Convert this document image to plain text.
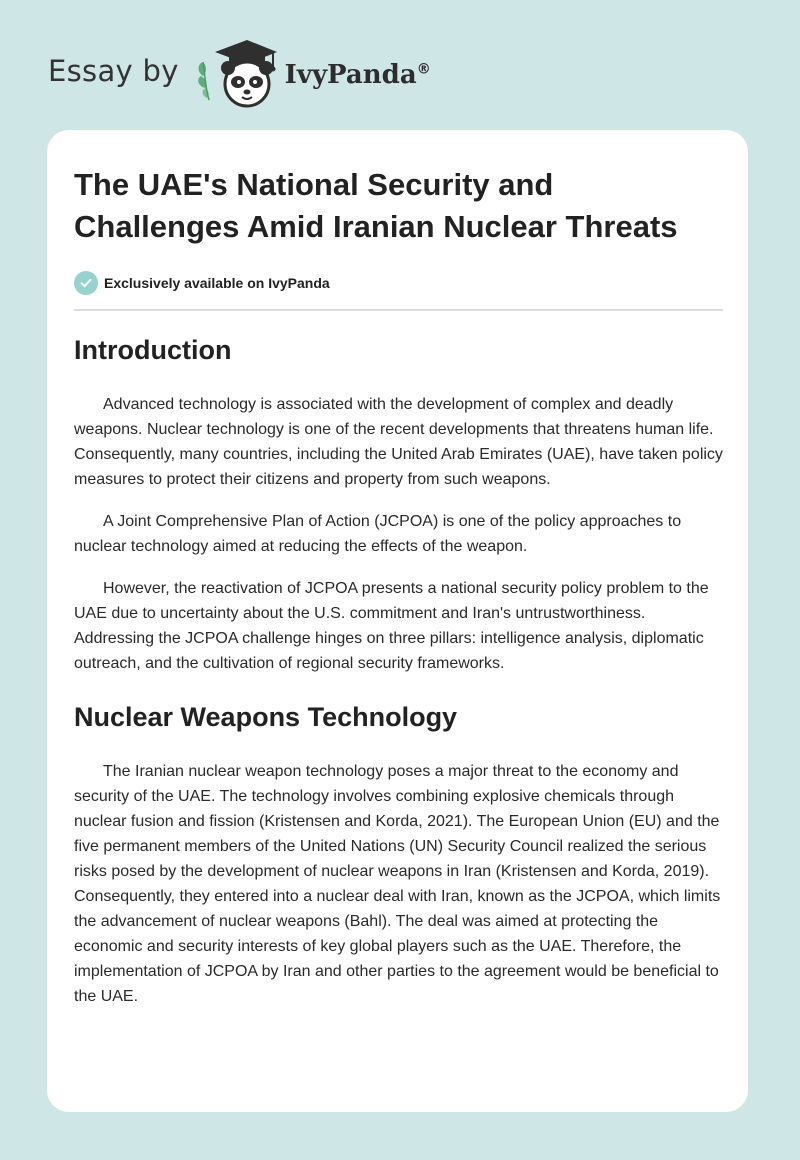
Essay by	IvyPanda®
The UAE's National Security and Challenges Amid Iranian Nuclear Threats
Exclusively available on IvyPanda
Introduction

Advanced technology is associated with the development of complex and deadly weapons. Nuclear technology is one of the recent developments that threatens human life. Consequently, many countries, including the United Arab Emirates (UAE), have taken policy measures to protect their citizens and property from such weapons.

A Joint Comprehensive Plan of Action (JCPOA) is one of the policy approaches to nuclear technology aimed at reducing the effects of the weapon.

However, the reactivation of JCPOA presents a national security policy problem to the UAE due to uncertainty about the U.S. commitment and Iran's untrustworthiness. Addressing the JCPOA challenge hinges on three pillars: intelligence analysis, diplomatic outreach, and the cultivation of regional security frameworks.

Nuclear Weapons Technology

The Iranian nuclear weapon technology poses a major threat to the economy and security of the UAE. The technology involves combining explosive chemicals through nuclear fusion and fission (Kristensen and Korda, 2021). The European Union (EU) and the five permanent members of the United Nations (UN) Security Council realized the serious risks posed by the development of nuclear weapons in Iran (Kristensen and Korda, 2019). Consequently, they entered into a nuclear deal with Iran, known as the JCPOA, which limits the advancement of nuclear weapons (Bahl). The deal was aimed at protecting the economic and security interests of key global players such as the UAE. Therefore, the implementation of JCPOA by Iran and other parties to the agreement would be beneficial to the UAE.
